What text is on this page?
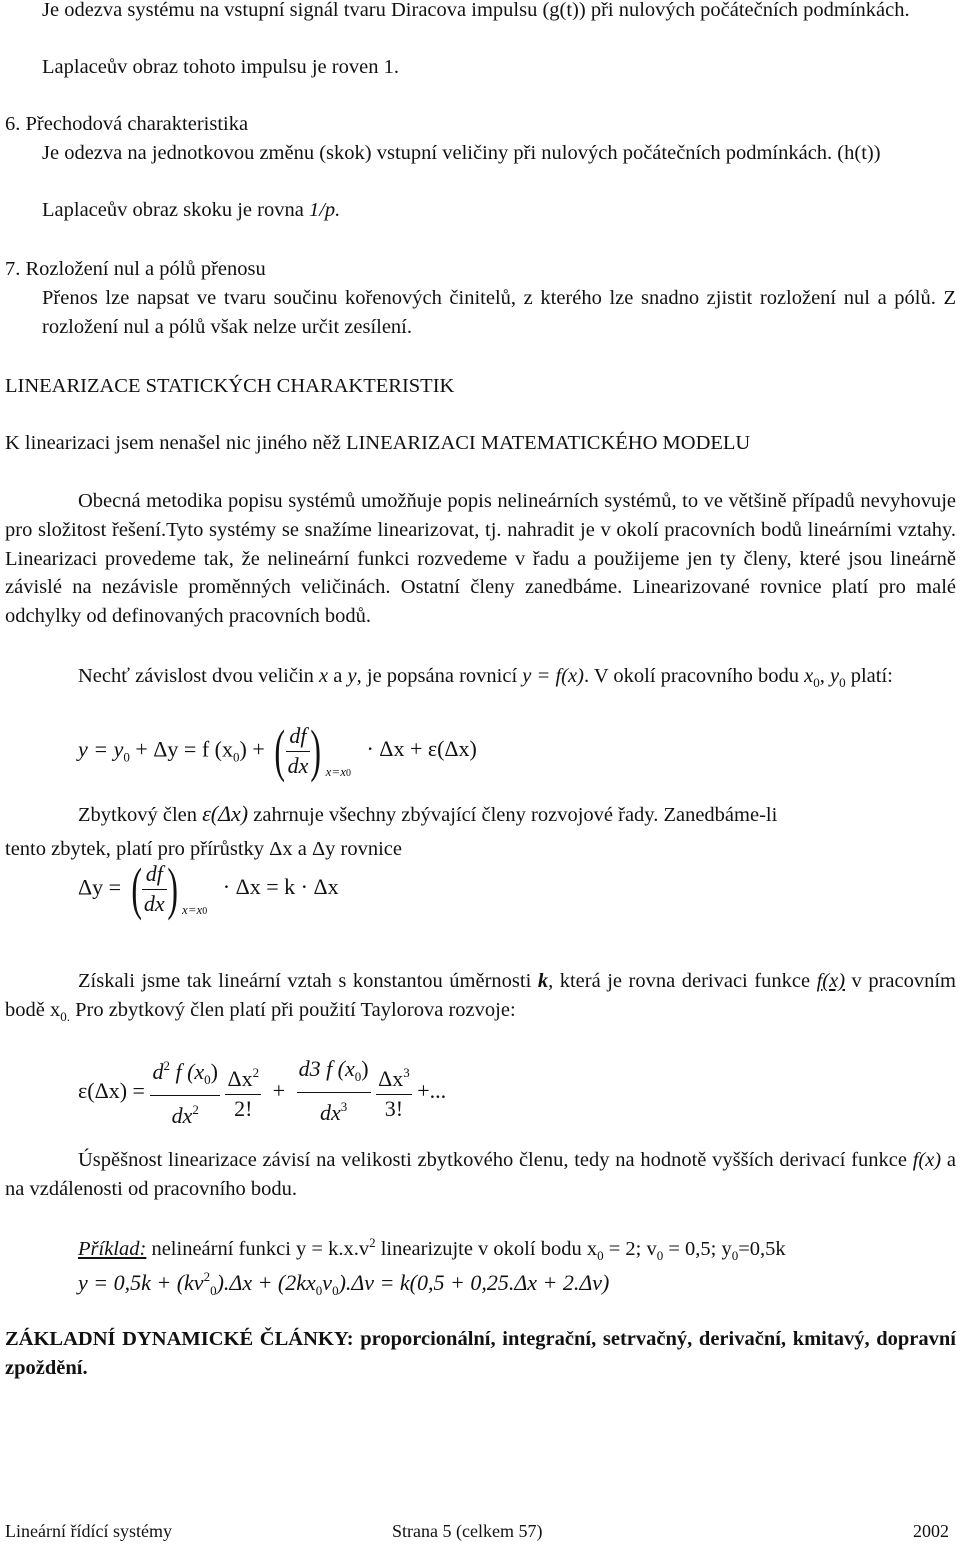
Je odezva systému na vstupní signál tvaru Diracova impulsu (g(t)) při nulových počátečních podmínkách.

Laplaceův obraz tohoto impulsu je roven 1.

6. Přechodová charakteristika

Je odezva na jednotkovou změnu (skok) vstupní veličiny při nulových počátečních podmínkách. (h(t))

Laplaceův obraz skoku je rovna 1/p.

7. Rozložení nul a pólů přenosu

Přenos lze napsat ve tvaru součinu kořenových činitelů, z kterého lze snadno zjistit rozložení nul a pólů. Z rozložení nul a pólů však nelze určit zesílení.

LINEARIZACE STATICKÝCH CHARAKTERISTIK

K linearizaci jsem nenašel nic jiného něž LINEARIZACI MATEMATICKÉHO MODELU

Obecná metodika popisu systémů umožňuje popis nelineárních systémů, to ve většině případů nevyhovuje pro složitost řešení.Tyto systémy se snažíme linearizovat, tj. nahradit je v okolí pracovních bodů lineárními vztahy. Linearizaci provedeme tak, že nelineární funkci rozvedeme v řadu a použijeme jen ty členy, které jsou lineárně závislé na nezávisle proměnných veličinách. Ostatní členy zanedbáme. Linearizované rovnice platí pro malé odchylky od definovaných pracovních bodů.

Nechť závislost dvou veličin x a y, je popsána rovnicí y = f(x). V okolí pracovního bodu $x_0$, $y_0$ platí:

$y = y_0 + \Delta y = f$ $(x_0)$ + ( $\frac{df}{dx}$ ) $_{x=x0}$ · Δx + ε(Δx)

Zbytkový člen ε(Δx) zahrnuje všechny zbývající členy rozvojové řady. Zanedbáme-li

tento zbytek, platí pro přírůstky Δx a Δy rovnice

Δy = ( $\frac{df}{dx}$ ) $_{x=x0}$ · Δx = k · Δx

Získali jsme tak lineární vztah s konstantou úměrnosti k, která je rovna derivaci funkce f(x) v pracovním bodě $x_{0.}$ Pro zbytkový člen platí při použití Taylorova rozvoje:

$\varepsilon(\Delta x) = \frac{d^2 f (x_0)}{dx^2}$
$\frac{\Delta x^2}{2!} + \frac{d3 f (x_0)}{dx^3}$
$\frac{\Delta x^3}{3!}$ +...

Úspěšnost linearizace závisí na velikosti zbytkového členu, tedy na hodnotě vyšších derivací funkce f(x) a na vzdálenosti od pracovního bodu.

Příklad: nelineární funkci $y = k.x.v^2$ linearizujte v okolí bodu $x_0 = 2$; $v_0 = 0,5$; $y_0=0,5k$

$y = 0,5k + (kv^2_0).\Delta x + (2kx_0v_0).\Delta v = k(0,5 + 0,25.\Delta x + 2.\Delta v)$

ZÁKLADNÍ DYNAMICKÉ ČLÁNKY: proporcionální, integrační, setrvačný, derivační, kmitavý, dopravní zpoždění.

Lineární řídící systémy	Strana 5 (celkem 57)	2002
